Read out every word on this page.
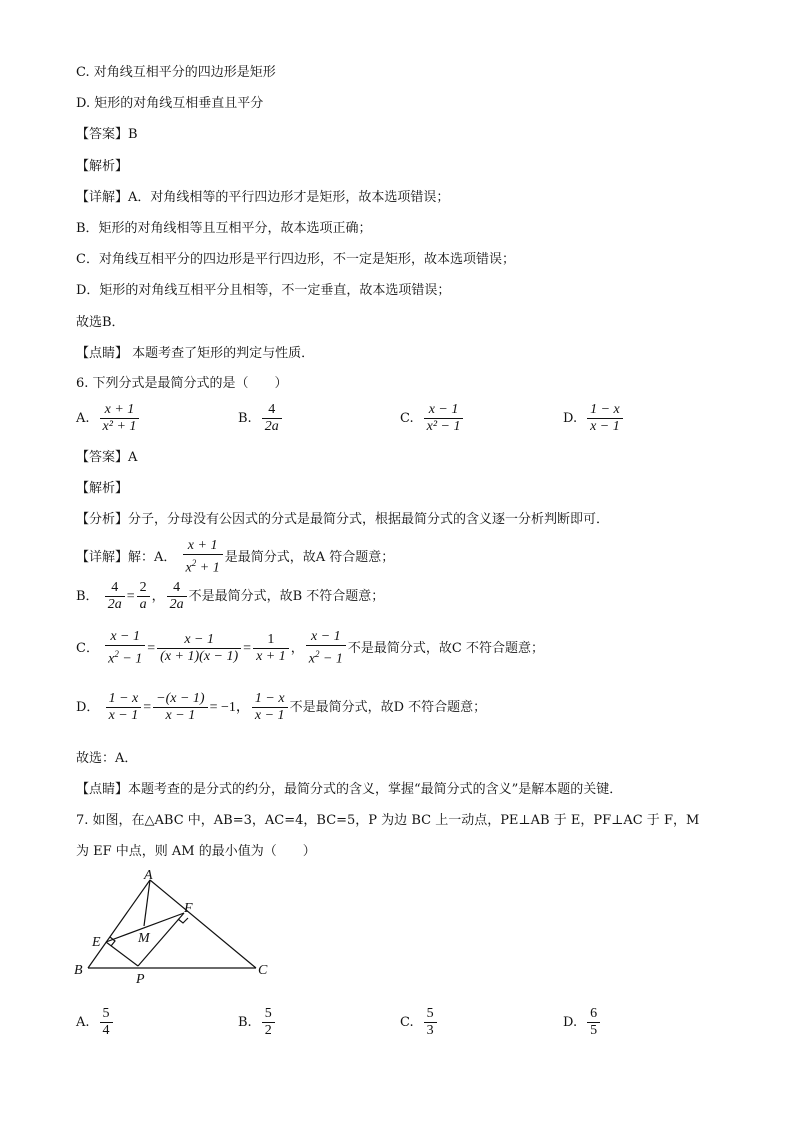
C. 对角线互相平分的四边形是矩形
D. 矩形的对角线互相垂直且平分
【答案】B
【解析】
【详解】A．对角线相等的平行四边形才是矩形，故本选项错误；
B．矩形的对角线相等且互相平分，故本选项正确；
C．对角线互相平分的四边形是平行四边形，不一定是矩形，故本选项错误；
D．矩形的对角线互相平分且相等，不一定垂直，故本选项错误；
故选B．
【点睛】 本题考查了矩形的判定与性质．
6. 下列分式是最简分式的是（　　）
A. $\frac{x + 1}{\text{x² + 1}}$	B. $\frac{4}{2a}$	C. $\frac{x - 1}{\text{x² − 1}}$	D. $\frac{1 - x}{x - 1}$
【答案】A
【解析】
【分析】分子，分母没有公因式的分式是最简分式，根据最简分式的含义逐一分析判断即可．
【详解】解：A． $\frac{x + 1}{x^2 + 1}$ 是最简分式，故A 符合题意；
B． $\frac{4}{2a} = \frac{2}{a}$ ， $\frac{4}{2a}$ 不是最简分式，故B 不符合题意；
C． $\frac{x - 1}{x^2 - 1} = \frac{x - 1}{(x + 1)(x - 1)} = \frac{1}{x + 1}$ ， $\frac{x - 1}{x^2 - 1}$ 不是最简分式，故C 不符合题意；
D． $\frac{1 - x}{x - 1} = \frac{-(x - 1)}{x - 1} = -1$， $\frac{1 - x}{x - 1}$ 不是最简分式，故D 不符合题意；
故选：A．
【点睛】本题考查的是分式的约分，最简分式的含义，掌握“最简分式的含义”是解本题的关键．
7. 如图，在△ABC 中，AB=3，AC=4，BC=5，P 为边 BC 上一动点，PE⊥AB 于 E，PF⊥AC 于 F，M
为 EF 中点，则 AM 的最小值为（　　）
A
B	C
E
F
M
P
A. $\frac{5}{4}$	B. $\frac{5}{2}$	C. $\frac{5}{3}$	D. $\frac{6}{5}$
